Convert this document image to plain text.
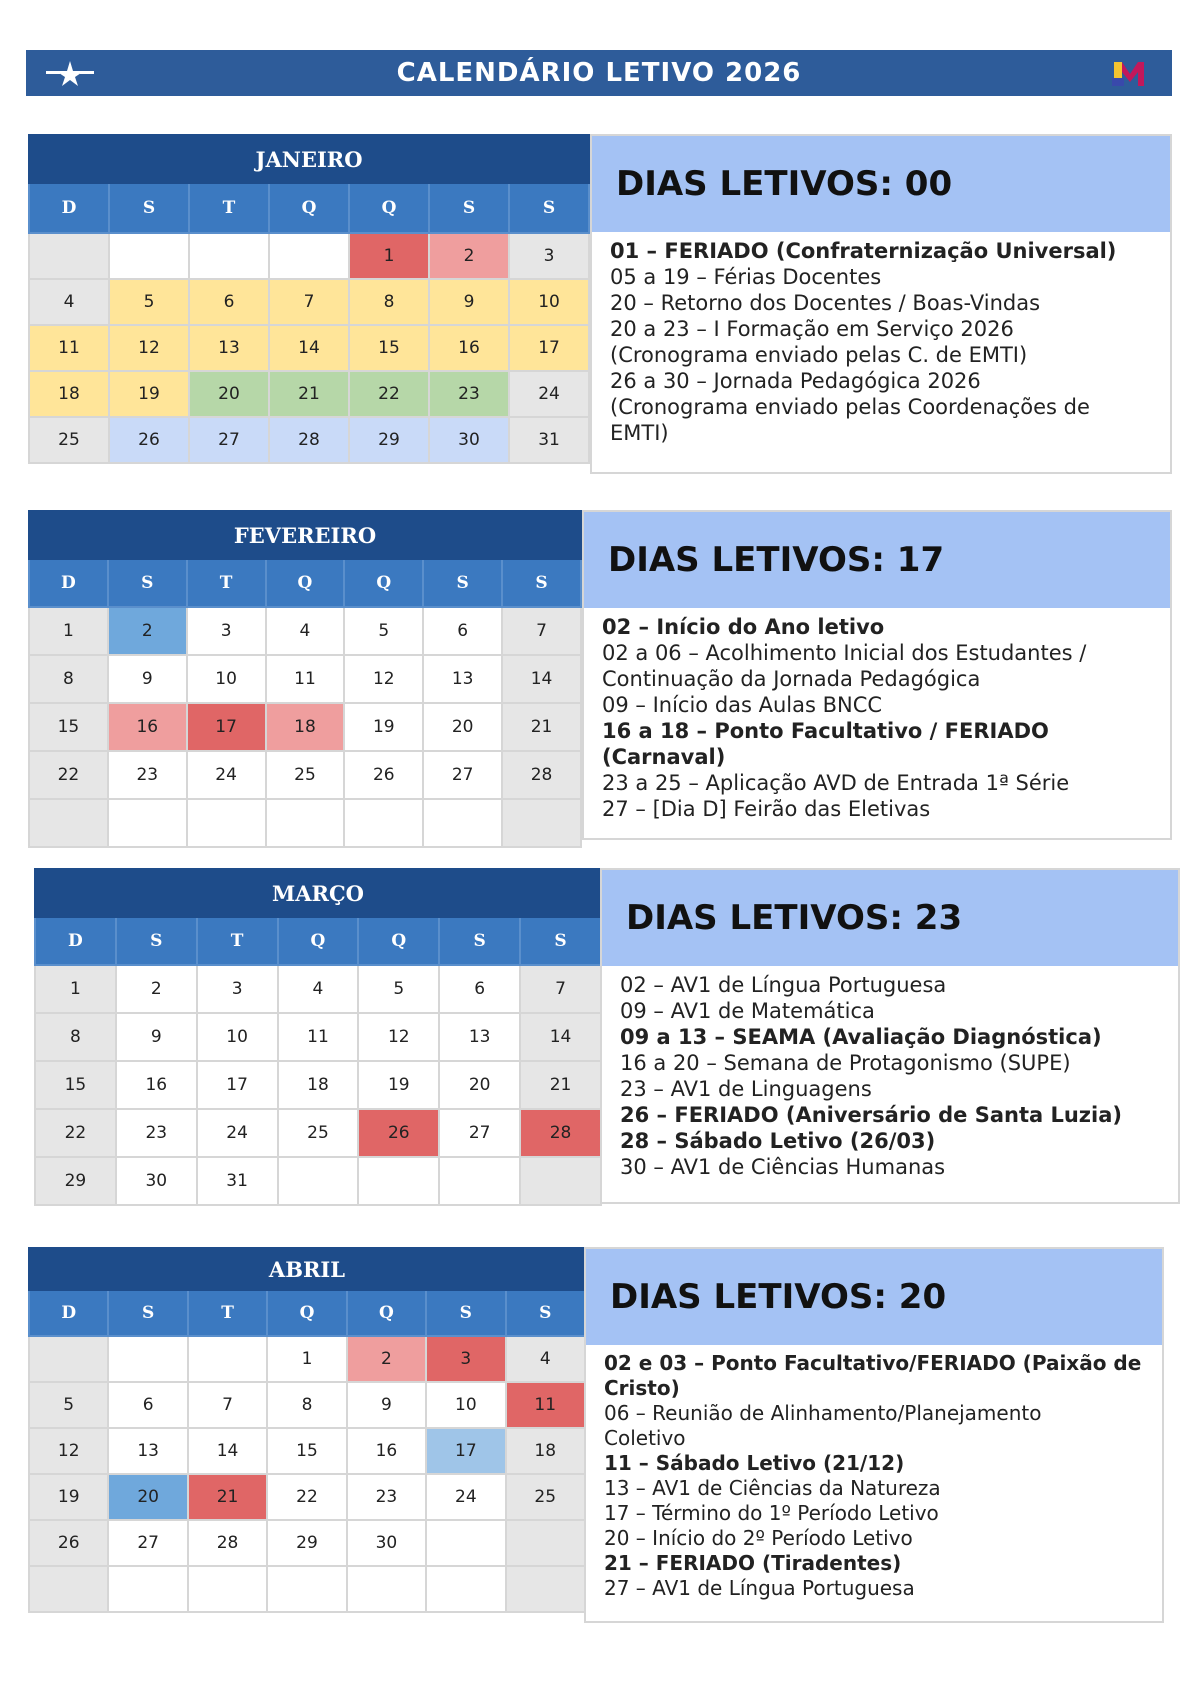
CALENDÁRIO LETIVO 2026
JANEIRO						
D	S	T	Q	Q	S	S
				1	2	3
4	5	6	7	8	9	10
11	12	13	14	15	16	17
18	19	20	21	22	23	24
25	26	27	28	29	30	31
DIAS LETIVOS: 00
01 – FERIADO (Confraternização Universal)
05 a 19 – Férias Docentes
20 – Retorno dos Docentes / Boas-Vindas
20 a 23 – I Formação em Serviço 2026
(Cronograma enviado pelas C. de EMTI)
26 a 30 – Jornada Pedagógica 2026
(Cronograma enviado pelas Coordenações de
EMTI)
FEVEREIRO						
D	S	T	Q	Q	S	S
1	2	3	4	5	6	7
8	9	10	11	12	13	14
15	16	17	18	19	20	21
22	23	24	25	26	27	28

DIAS LETIVOS: 17
02 – Início do Ano letivo
02 a 06 – Acolhimento Inicial dos Estudantes /
Continuação da Jornada Pedagógica
09 – Início das Aulas BNCC
16 a 18 – Ponto Facultativo / FERIADO (Carnaval)
23 a 25 – Aplicação AVD de Entrada 1ª Série
27 – [Dia D] Feirão das Eletivas
MARÇO						
D	S	T	Q	Q	S	S
1	2	3	4	5	6	7
8	9	10	11	12	13	14
15	16	17	18	19	20	21
22	23	24	25	26	27	28
29	30	31				
DIAS LETIVOS: 23
02 – AV1 de Língua Portuguesa
09 – AV1 de Matemática
09 a 13 – SEAMA (Avaliação Diagnóstica)
16 a 20 – Semana de Protagonismo (SUPE)
23 – AV1 de Linguagens
26 – FERIADO (Aniversário de Santa Luzia)
28 – Sábado Letivo (26/03)
30 – AV1 de Ciências Humanas
ABRIL						
D	S	T	Q	Q	S	S
			1	2	3	4
5	6	7	8	9	10	11
12	13	14	15	16	17	18
19	20	21	22	23	24	25
26	27	28	29	30		

DIAS LETIVOS: 20
02 e 03 – Ponto Facultativo/FERIADO (Paixão de
Cristo)
06 – Reunião de Alinhamento/Planejamento
Coletivo
11 – Sábado Letivo (21/12)
13 – AV1 de Ciências da Natureza
17 – Término do 1º Período Letivo
20 – Início do 2º Período Letivo
21 – FERIADO (Tiradentes)
27 – AV1 de Língua Portuguesa
